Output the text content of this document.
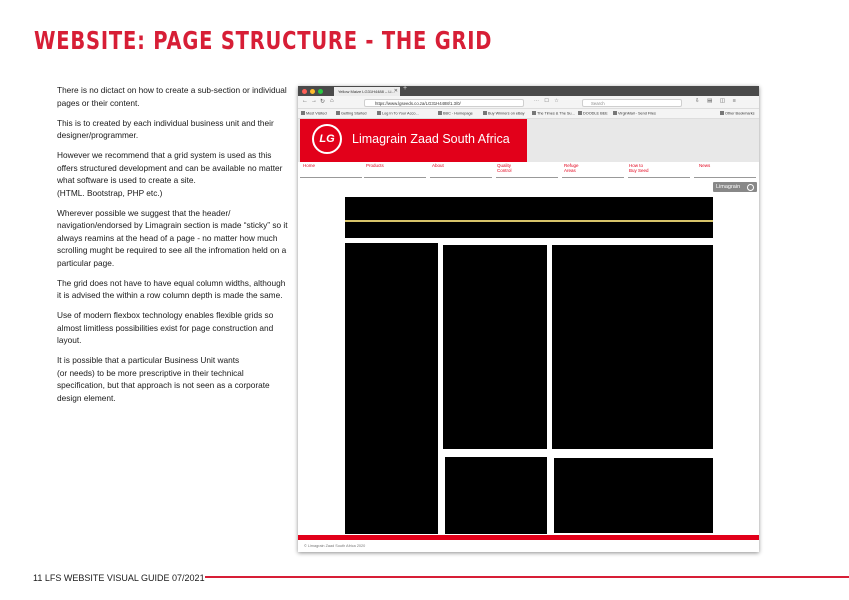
WEBSITE: PAGE STRUCTURE - THE GRID

There is no dictact on how to create a sub-section or individual pages or their content.

This is to created by each individual business unit and their designer/programmer.

However we recommend that a grid system is used as this offers structured development and can be available no matter what software is used to create a site.
(HTML. Bootstrap, PHP etc.)

Wherever possible we suggest that the header/ navigation/endorsed by Limagrain section is made “sticky” so it always reamins at the head of a page - no matter how much scrolling mught be required to see all the infromation held on a particular page.

The grid does not have to have equal column widths, although it is advised the within a row column depth is made the same.

Use of modern flexbox technology enables flexible grids so almost limitless possibilities exist for page construction and layout.

It is possible that a particular Business Unit wants
(or needs) to be more prescriptive in their technical specification, but that approach is not seen as a corporate design element.

Yellow Maize LG31H4488 – Li... ✕ +
← → ↻ ⌂	https://www.lgseeds.co.za/LG31H4488/1.3/0/	⋯ ☐ ☆	Search	⇩ ▤ ◫ ≡
Most Visited	Getting Started	Log In To Your Acco...	BBC - Homepage	Buy Winners on eBay	The Times & The Su...	DOODLE BEE	VirginMail - Send Files	Other Bookmarks
LG	Limagrain Zaad South Africa
Home	Products	About	Quality
Control
Refuge
Areas
How to
Buy Seed
News
Limagrain
© Limagrain Zaad South Africa 2020
11 LFS WEBSITE VISUAL GUIDE 07/2021
